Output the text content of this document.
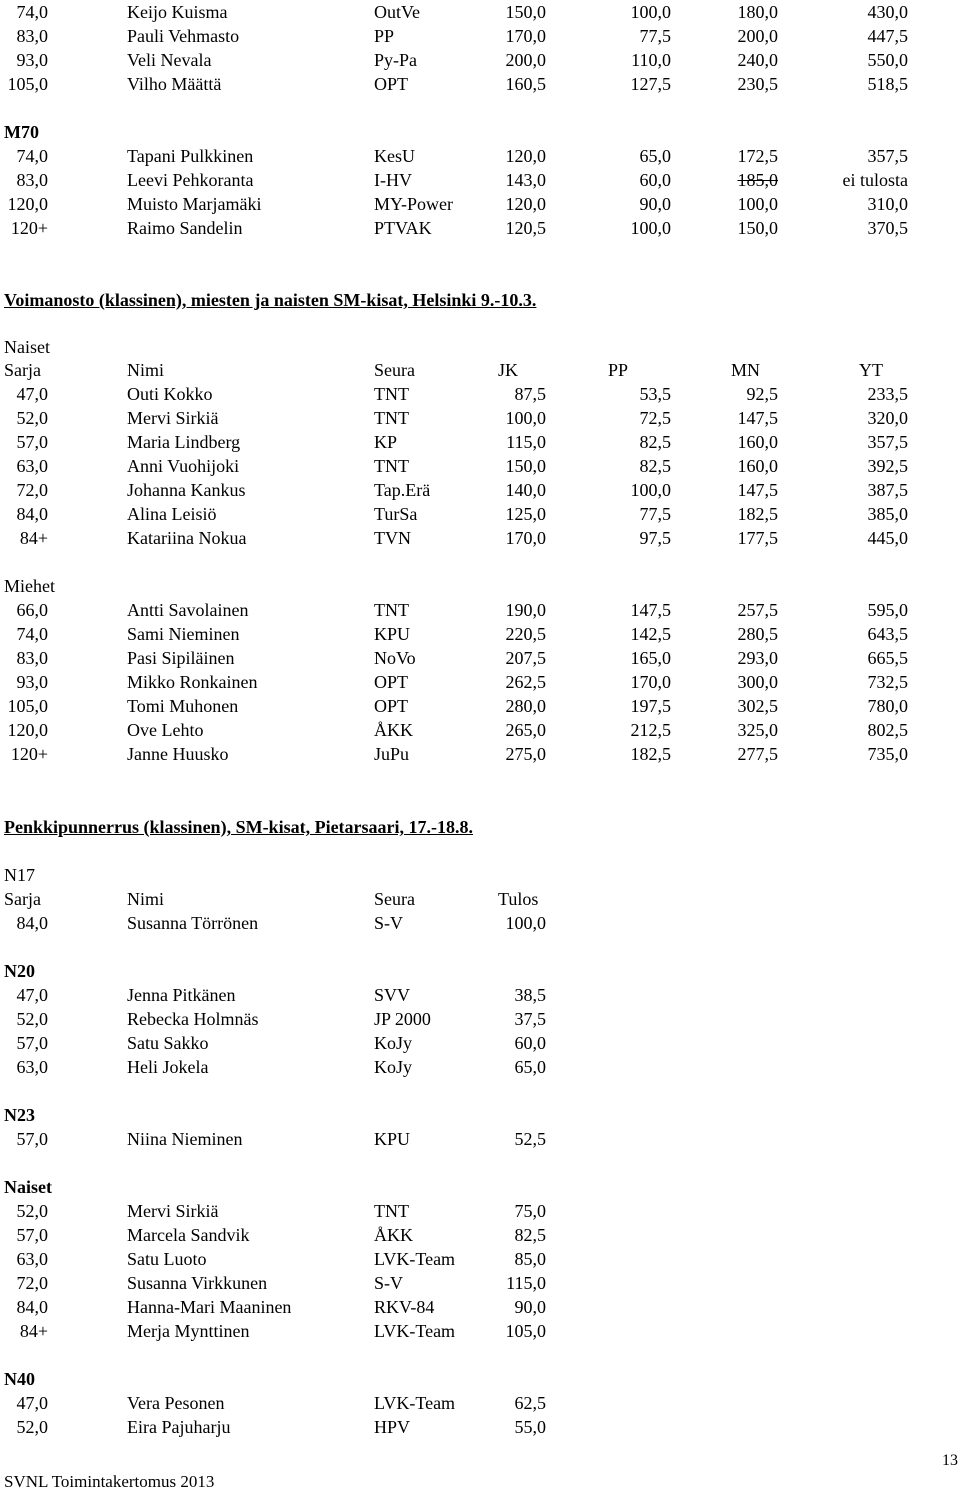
74,0	Keijo Kuisma	OutVe	150,0	100,0	180,0	430,0
83,0	Pauli Vehmasto	PP	170,0	77,5	200,0	447,5
93,0	Veli Nevala	Py-Pa	200,0	110,0	240,0	550,0
105,0	Vilho Määttä	OPT	160,5	127,5	230,5	518,5
M70
74,0	Tapani Pulkkinen	KesU	120,0	65,0	172,5	357,5
83,0	Leevi Pehkoranta	I-HV	143,0	60,0	185,0	ei tulosta
120,0	Muisto Marjamäki	MY-Power	120,0	90,0	100,0	310,0
120+	Raimo Sandelin	PTVAK	120,5	100,0	150,0	370,5
Voimanosto (klassinen), miesten ja naisten SM-kisat, Helsinki 9.-10.3.
Naiset
Sarja	Nimi	Seura	JK	PP	MN	YT
47,0	Outi Kokko	TNT	87,5	53,5	92,5	233,5
52,0	Mervi Sirkiä	TNT	100,0	72,5	147,5	320,0
57,0	Maria Lindberg	KP	115,0	82,5	160,0	357,5
63,0	Anni Vuohijoki	TNT	150,0	82,5	160,0	392,5
72,0	Johanna Kankus	Tap.Erä	140,0	100,0	147,5	387,5
84,0	Alina Leisiö	TurSa	125,0	77,5	182,5	385,0
84+	Katariina Nokua	TVN	170,0	97,5	177,5	445,0
Miehet
66,0	Antti Savolainen	TNT	190,0	147,5	257,5	595,0
74,0	Sami Nieminen	KPU	220,5	142,5	280,5	643,5
83,0	Pasi Sipiläinen	NoVo	207,5	165,0	293,0	665,5
93,0	Mikko Ronkainen	OPT	262,5	170,0	300,0	732,5
105,0	Tomi Muhonen	OPT	280,0	197,5	302,5	780,0
120,0	Ove Lehto	ÅKK	265,0	212,5	325,0	802,5
120+	Janne Huusko	JuPu	275,0	182,5	277,5	735,0
Penkkipunnerrus (klassinen), SM-kisat, Pietarsaari, 17.-18.8.
N17
Sarja	Nimi	Seura	Tulos
84,0	Susanna Törrönen	S-V	100,0
N20
47,0	Jenna Pitkänen	SVV	38,5
52,0	Rebecka Holmnäs	JP 2000	37,5
57,0	Satu Sakko	KoJy	60,0
63,0	Heli Jokela	KoJy	65,0
N23
57,0	Niina Nieminen	KPU	52,5
Naiset
52,0	Mervi Sirkiä	TNT	75,0
57,0	Marcela Sandvik	ÅKK	82,5
63,0	Satu Luoto	LVK-Team	85,0
72,0	Susanna Virkkunen	S-V	115,0
84,0	Hanna-Mari Maaninen	RKV-84	90,0
84+	Merja Mynttinen	LVK-Team	105,0
N40
47,0	Vera Pesonen	LVK-Team	62,5
52,0	Eira Pajuharju	HPV	55,0
13
SVNL Toimintakertomus 2013
